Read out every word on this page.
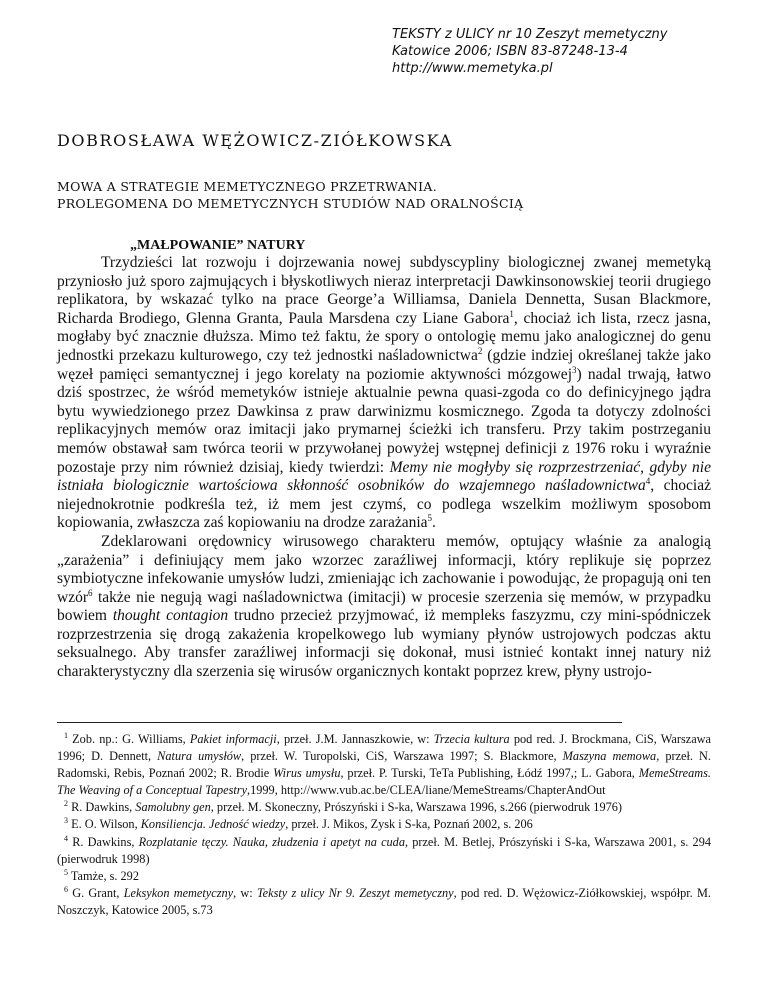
TEKSTY z ULICY nr 10 Zeszyt memetyczny
Katowice 2006; ISBN 83-87248-13-4
http://www.memetyka.pl
DOBROSŁAWA WĘŻOWICZ-ZIÓŁKOWSKA
MOWA A STRATEGIE MEMETYCZNEGO PRZETRWANIA.
PROLEGOMENA DO MEMETYCZNYCH STUDIÓW NAD ORALNOŚCIĄ
„MAŁPOWANIE” NATURY

Trzydzieści lat rozwoju i dojrzewania nowej subdyscypliny biologicznej zwanej memetyką przyniosło już sporo zajmujących i błyskotliwych nieraz interpretacji Dawkinsonowskiej teorii drugiego replikatora, by wskazać tylko na prace George’a Williamsa, Daniela Dennetta, Susan Blackmore, Richarda Brodiego, Glenna Granta, Paula Marsdena czy Liane Gabora$^1$, chociaż ich lista, rzecz jasna, mogłaby być znacznie dłuższa. Mimo też faktu, że spory o ontologię memu jako analogicznej do genu jednostki przekazu kulturowego, czy też jednostki naśladownictwa$^2$ (gdzie indziej określanej także jako węzeł pamięci semantycznej i jego korelaty na poziomie aktywności mózgowej$^3$) nadal trwają, łatwo dziś spostrzec, że wśród memetyków istnieje aktualnie pewna quasi-zgoda co do definicyjnego jądra bytu wywiedzionego przez Dawkinsa z praw darwinizmu kosmicznego. Zgoda ta dotyczy zdolności replikacyjnych memów oraz imitacji jako prymarnej ścieżki ich transferu. Przy takim postrzeganiu memów obstawał sam twórca teorii w przywołanej powyżej wstępnej definicji z 1976 roku i wyraźnie pozostaje przy nim również dzisiaj, kiedy twierdzi: Memy nie mogłyby się rozprzestrzeniać, gdyby nie istniała biologicznie wartościowa skłonność osobników do wzajemnego naśladownictwa$^4$, chociaż niejednokrotnie podkreśla też, iż mem jest czymś, co podlega wszelkim możliwym sposobom kopiowania, zwłaszcza zaś kopiowaniu na drodze zarażania$^5$.

Zdeklarowani orędownicy wirusowego charakteru memów, optujący właśnie za analogią „zarażenia” i definiujący mem jako wzorzec zaraźliwej informacji, który replikuje się poprzez symbiotyczne infekowanie umysłów ludzi, zmieniając ich zachowanie i powodując, że propagują oni ten wzór$^6$ także nie negują wagi naśladownictwa (imitacji) w procesie szerzenia się memów, w przypadku bowiem thought contagion trudno przecież przyjmować, iż mempleks faszyzmu, czy mini-spódniczek rozprzestrzenia się drogą zakażenia kropelkowego lub wymiany płynów ustrojowych podczas aktu seksualnego. Aby transfer zaraźliwej informacji się dokonał, musi istnieć kontakt innej natury niż charakterystyczny dla szerzenia się wirusów organicznych kontakt poprzez krew, płyny ustrojo-

$^1$ Zob. np.: G. Williams, Pakiet informacji, przeł. J.M. Jannaszkowie, w: Trzecia kultura pod red. J. Brockmana, CiS, Warszawa 1996; D. Dennett, Natura umysłów, przeł. W. Turopolski, CiS, Warszawa 1997; S. Blackmore, Maszyna memowa, przeł. N. Radomski, Rebis, Poznań 2002; R. Brodie Wirus umysłu, przeł. P. Turski, TeTa Publishing, Łódź 1997,; L. Gabora, MemeStreams. The Weaving of a Conceptual Tapestry,1999, http://www.vub.ac.be/CLEA/liane/MemeStreams/ChapterAndOut

$^2$ R. Dawkins, Samolubny gen, przeł. M. Skoneczny, Prószyński i S-ka, Warszawa 1996, s.266 (pierwodruk 1976)

$^3$ E. O. Wilson, Konsiliencja. Jedność wiedzy, przeł. J. Mikos, Zysk i S-ka, Poznań 2002, s. 206

$^4$ R. Dawkins, Rozplatanie tęczy. Nauka, złudzenia i apetyt na cuda, przeł. M. Betlej, Prószyński i S-ka, Warszawa 2001, s. 294 (pierwodruk 1998)

$^5$ Tamże, s. 292

$^6$ G. Grant, Leksykon memetyczny, w: Teksty z ulicy Nr 9. Zeszyt memetyczny, pod red. D. Wężowicz-Ziółkowskiej, współpr. M. Noszczyk, Katowice 2005, s.73
